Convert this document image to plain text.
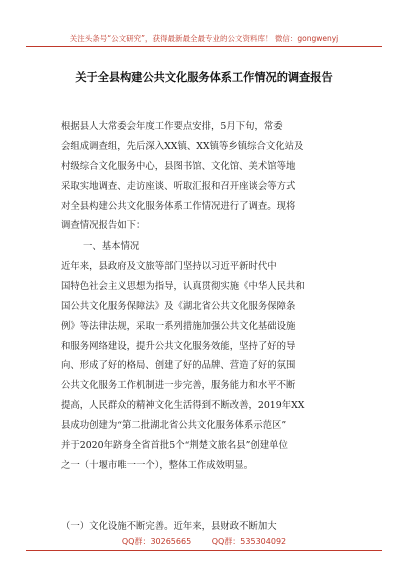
关注头条号“公文研究”，获得最新最全最专业的公文资料库！ 微信：gongwenyj
关于全县构建公共文化服务体系工作情况的调查报告
根据县人大常委会年度工作要点安排，5月下旬，常委
会组成调查组，先后深入XX镇、XX镇等乡镇综合文化站及
村级综合文化服务中心，县图书馆、文化馆、美术馆等地
采取实地调查、走访座谈、听取汇报和召开座谈会等方式
对全县构建公共文化服务体系工作情况进行了调查。现将
调查情况报告如下：
一、基本情况
近年来，县政府及文旅等部门坚持以习近平新时代中
国特色社会主义思想为指导，认真贯彻实施《中华人民共和
国公共文化服务保障法》及《湖北省公共文化服务保障条
例》等法律法规，采取一系列措施加强公共文化基础设施
和服务网络建设，提升公共文化服务效能，坚持了好的导
向、形成了好的格局、创建了好的品牌、营造了好的氛围
公共文化服务工作机制进一步完善，服务能力和水平不断
提高，人民群众的精神文化生活得到不断改善，2019年XX
县成功创建为“第二批湖北省公共文化服务体系示范区”
并于2020年跻身全省首批5个“荆楚文旅名县”创建单位
之一（十堰市唯一一个），整体工作成效明显。
（一）文化设施不断完善。近年来，县财政不断加大
QQ群：30265665	QQ群：535304092
